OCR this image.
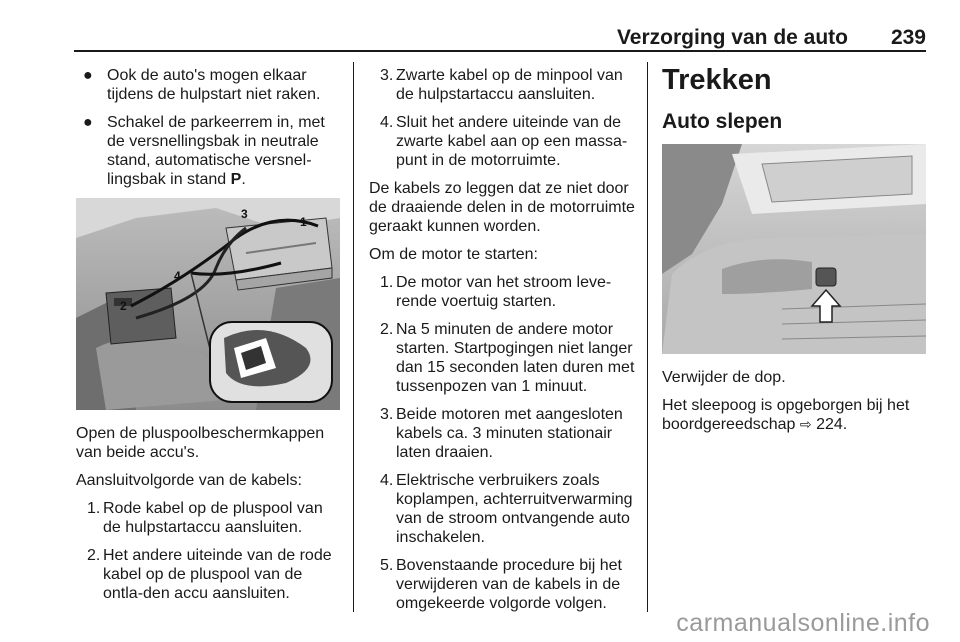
Verzorging van de auto 239
● Ook de auto's mogen elkaar tijdens de hulpstart niet raken.
● Schakel de parkeerrem in, met de versnellingsbak in neutrale stand, automatische versnel-lingsbak in stand P.
3
1
4
2

Open de pluspoolbeschermkappen van beide accu's.

Aansluitvolgorde van de kabels:

1. Rode kabel op de pluspool van de hulpstartaccu aansluiten.
2. Het andere uiteinde van de rode kabel op de pluspool van de ontla-den accu aansluiten.
3. Zwarte kabel op de minpool van de hulpstartaccu aansluiten.
4. Sluit het andere uiteinde van de zwarte kabel aan op een massa-punt in de motorruimte.

De kabels zo leggen dat ze niet door de draaiende delen in de motorruimte geraakt kunnen worden.

Om de motor te starten:

1. De motor van het stroom leve-rende voertuig starten.
2. Na 5 minuten de andere motor starten. Startpogingen niet langer dan 15 seconden laten duren met tussenpozen van 1 minuut.
3. Beide motoren met aangesloten kabels ca. 3 minuten stationair laten draaien.
4. Elektrische verbruikers zoals koplampen, achterruitverwarming van de stroom ontvangende auto inschakelen.
5. Bovenstaande procedure bij het verwijderen van de kabels in de omgekeerde volgorde volgen.
Trekken
Auto slepen

Verwijder de dop.

Het sleepoog is opgeborgen bij het boordgereedschap ⇨ 224.

carmanualsonline.info
